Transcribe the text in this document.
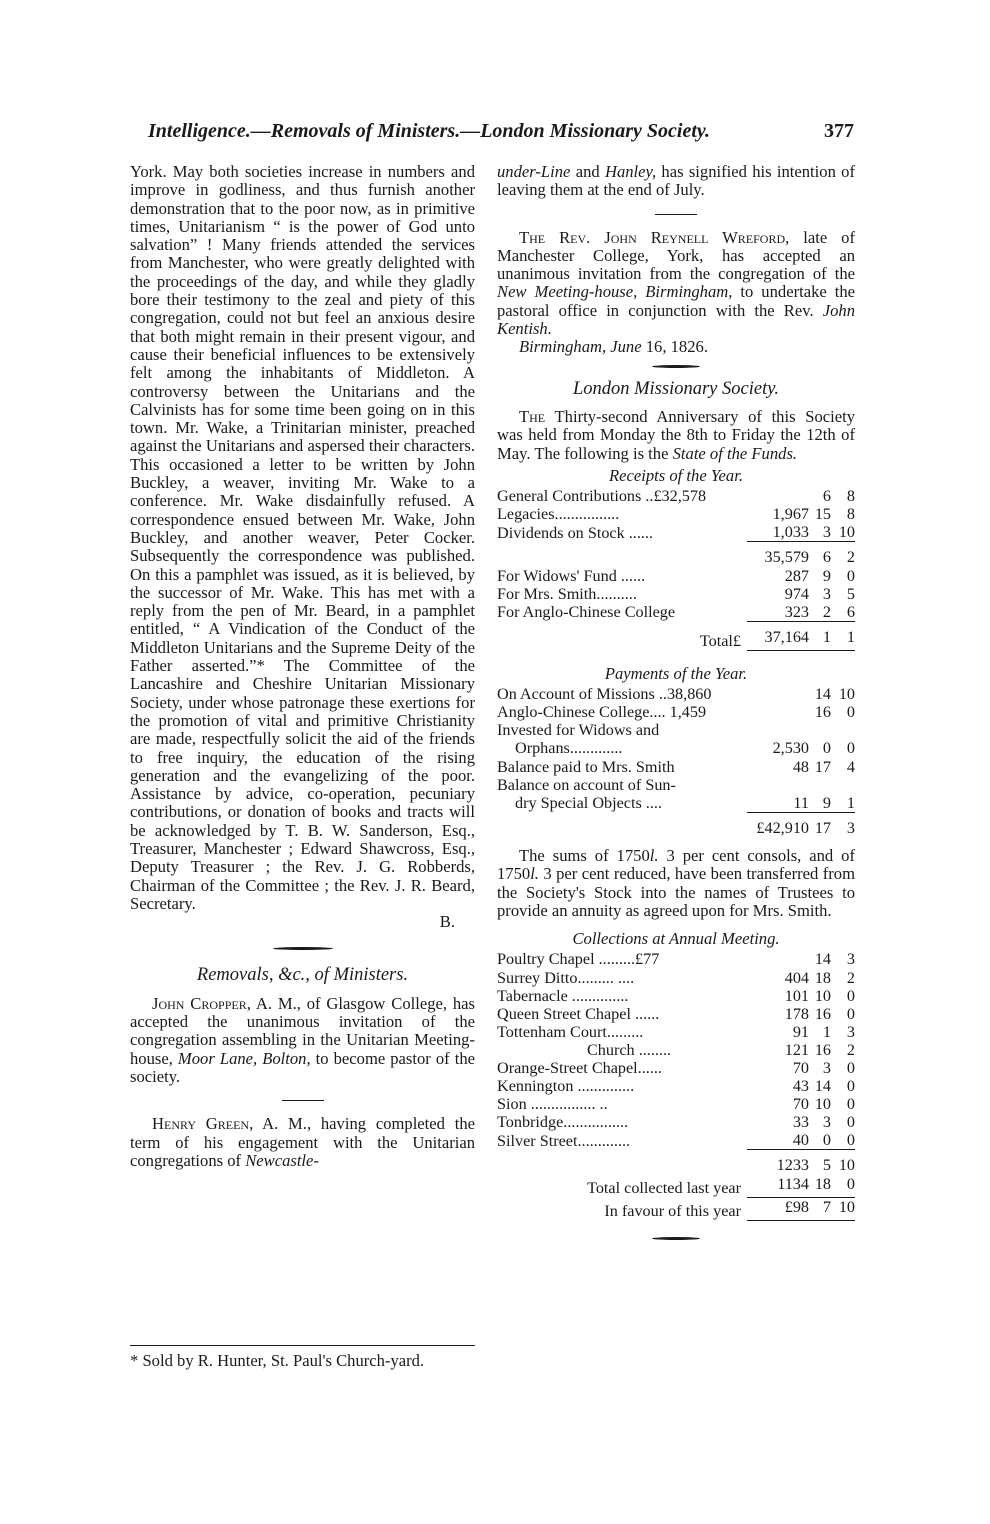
Intelligence.—Removals of Ministers.—London Missionary Society.	377

York. May both societies increase in numbers and improve in godliness, and thus furnish another demonstration that to the poor now, as in primitive times, Unitarianism “ is the power of God unto salvation” ! Many friends attended the services from Manchester, who were greatly delighted with the proceedings of the day, and while they gladly bore their testimony to the zeal and piety of this congregation, could not but feel an anxious desire that both might remain in their present vigour, and cause their beneficial influences to be extensively felt among the inhabitants of Middleton. A controversy between the Unitarians and the Calvinists has for some time been going on in this town. Mr. Wake, a Trinitarian minister, preached against the Unitarians and aspersed their characters. This occasioned a letter to be written by John Buckley, a weaver, inviting Mr. Wake to a conference. Mr. Wake disdainfully refused. A correspondence ensued between Mr. Wake, John Buckley, and another weaver, Peter Cocker. Subsequently the correspondence was published. On this a pamphlet was issued, as it is believed, by the successor of Mr. Wake. This has met with a reply from the pen of Mr. Beard, in a pamphlet entitled, “ A Vindication of the Conduct of the Middleton Unitarians and the Supreme Deity of the Father asserted.”* The Committee of the Lancashire and Cheshire Unitarian Missionary Society, under whose patronage these exertions for the promotion of vital and primitive Christianity are made, respectfully solicit the aid of the friends to free inquiry, the education of the rising generation and the evangelizing of the poor. Assistance by advice, co-operation, pecuniary contributions, or donation of books and tracts will be acknowledged by T. B. W. Sanderson, Esq., Treasurer, Manchester ; Edward Shawcross, Esq., Deputy Treasurer ; the Rev. J. G. Robberds, Chairman of the Committee ; the Rev. J. R. Beard, Secretary.

B.

Removals, &c., of Ministers.

John Cropper, A. M., of Glasgow College, has accepted the unanimous invitation of the congregation assembling in the Unitarian Meeting-house, Moor Lane, Bolton, to become pastor of the society.

Henry Green, A. M., having completed the term of his engagement with the Unitarian congregations of Newcastle-

* Sold by R. Hunter, St. Paul's Church-yard.

under-Line and Hanley, has signified his intention of leaving them at the end of July.

The Rev. John Reynell Wreford, late of Manchester College, York, has accepted an unanimous invitation from the congregation of the New Meeting-house, Birmingham, to undertake the pastoral office in conjunction with the Rev. John Kentish.

Birmingham, June 16, 1826.

London Missionary Society.

The Thirty-second Anniversary of this Society was held from Monday the 8th to Friday the 12th of May. The following is the State of the Funds.

Receipts of the Year.
General Contributions ..£32,578		6	8
Legacies................	1,967	15	8
Dividends on Stock ......	1,033	3	10
	35,579	6	2
For Widows' Fund ......	287	9	0
For Mrs. Smith..........	974	3	5
For Anglo-Chinese College	323	2	6
Total£	37,164	1	1
Payments of the Year.
On Account of Missions ..38,860		14	10
Anglo-Chinese College.... 1,459		16	0
Invested for Widows and			
Orphans.............	2,530	0	0
Balance paid to Mrs. Smith	48	17	4
Balance on account of Sun-			
dry Special Objects ....	11	9	1
	£42,910	17	3

The sums of 1750l. 3 per cent consols, and of 1750l. 3 per cent reduced, have been transferred from the Society's Stock into the names of Trustees to provide an annuity as agreed upon for Mrs. Smith.

Collections at Annual Meeting.
Poultry Chapel .........£77		14	3
Surrey Ditto......... ....	404	18	2
Tabernacle ..............	101	10	0
Queen Street Chapel ......	178	16	0
Tottenham Court.........	91	1	3
Church ........	121	16	2
Orange-Street Chapel......	70	3	0
Kennington ..............	43	14	0
Sion ................ ..	70	10	0
Tonbridge................	33	3	0
Silver Street.............	40	0	0
	1233	5	10
Total collected last year	1134	18	0
In favour of this year	£98	7	10
